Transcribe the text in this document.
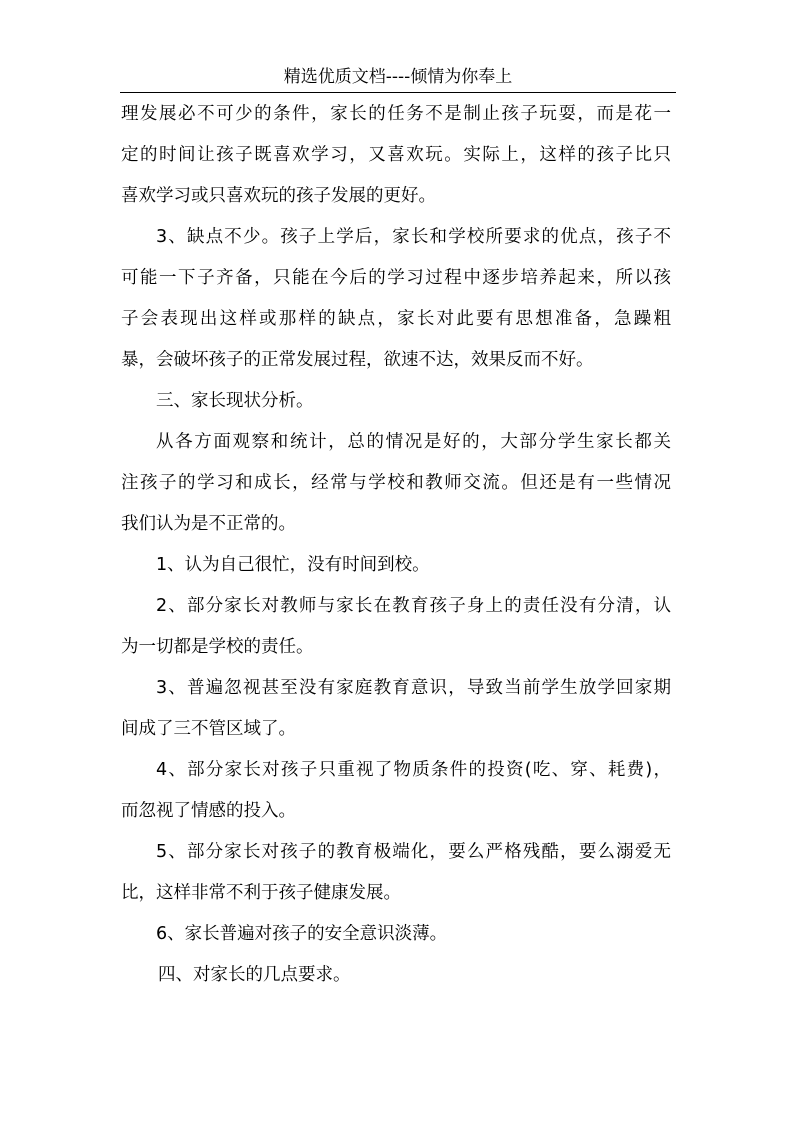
精选优质文档----倾情为你奉上
理发展必不可少的条件，家长的任务不是制止孩子玩耍，而是花一
定的时间让孩子既喜欢学习，又喜欢玩。实际上，这样的孩子比只
喜欢学习或只喜欢玩的孩子发展的更好。
3、缺点不少。孩子上学后，家长和学校所要求的优点，孩子不
可能一下子齐备，只能在今后的学习过程中逐步培养起来，所以孩
子会表现出这样或那样的缺点，家长对此要有思想准备，急躁粗
暴，会破坏孩子的正常发展过程，欲速不达，效果反而不好。
三、家长现状分析。
从各方面观察和统计，总的情况是好的，大部分学生家长都关
注孩子的学习和成长，经常与学校和教师交流。但还是有一些情况
我们认为是不正常的。
1、认为自己很忙，没有时间到校。
2、部分家长对教师与家长在教育孩子身上的责任没有分清，认
为一切都是学校的责任。
3、普遍忽视甚至没有家庭教育意识，导致当前学生放学回家期
间成了三不管区域了。
4、部分家长对孩子只重视了物质条件的投资(吃、穿、耗费)，
而忽视了情感的投入。
5、部分家长对孩子的教育极端化，要么严格残酷，要么溺爱无
比，这样非常不利于孩子健康发展。
6、家长普遍对孩子的安全意识淡薄。
四、对家长的几点要求。
